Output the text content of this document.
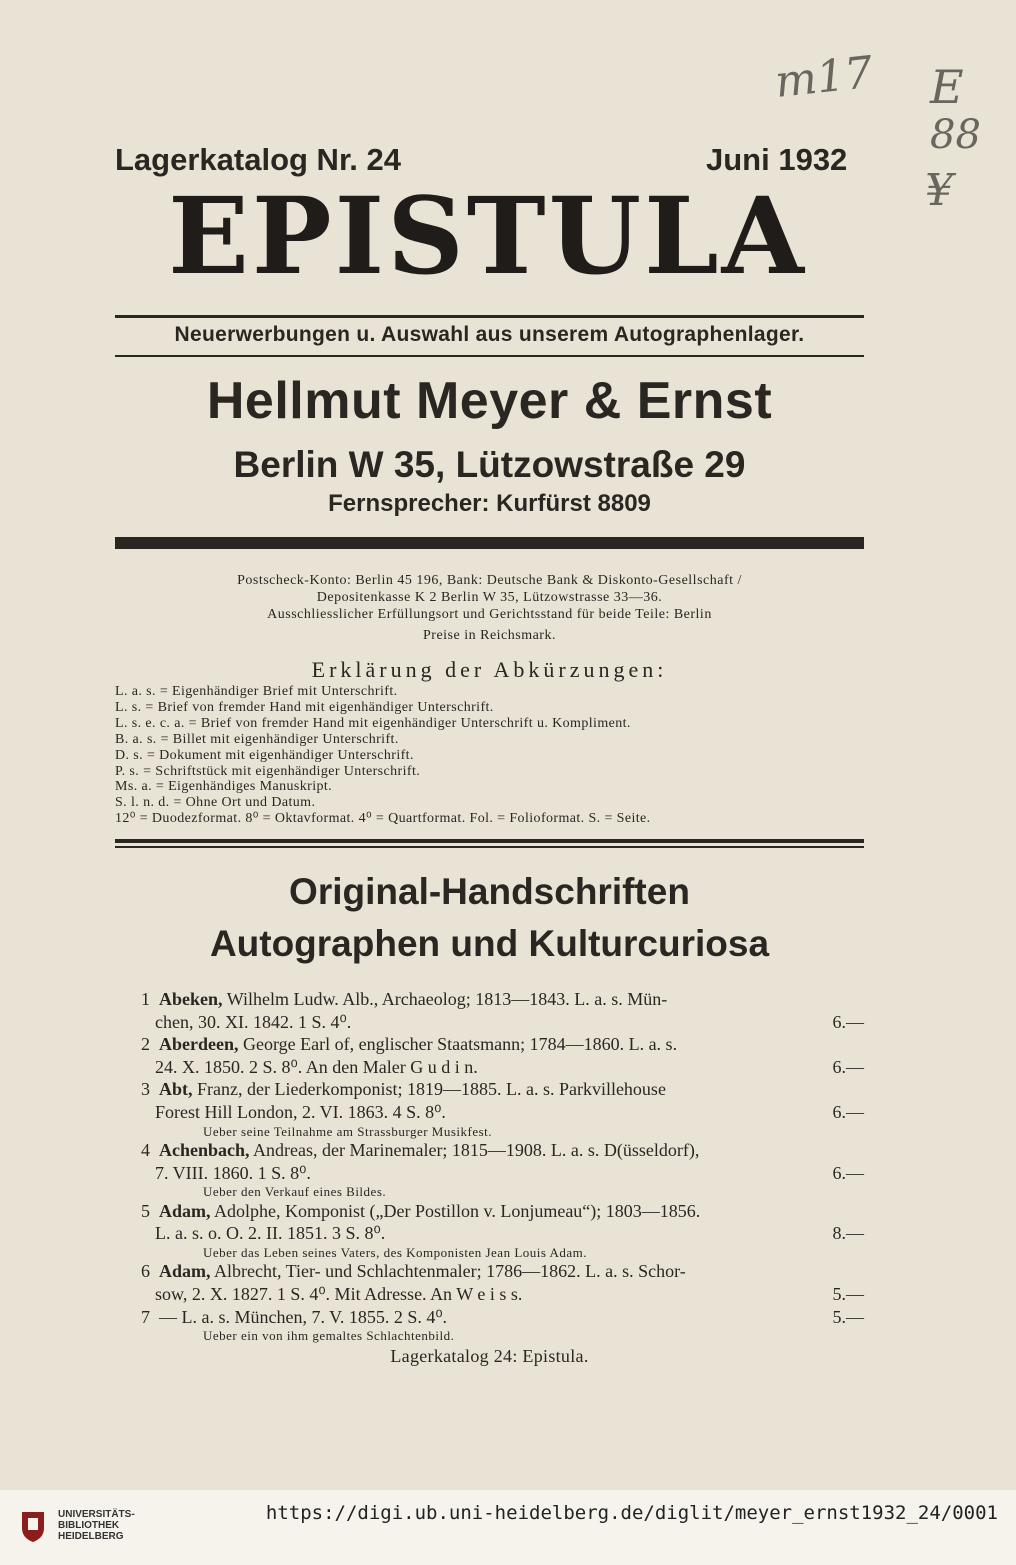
m17 E
88
¥
Lagerkatalog Nr. 24	Juni 1932
EPISTULA
Neuerwerbungen u. Auswahl aus unserem Autographenlager.
Hellmut Meyer & Ernst
Berlin W 35, Lützowstraße 29
Fernsprecher: Kurfürst 8809
Postscheck-Konto: Berlin 45 196, Bank: Deutsche Bank & Diskonto-Gesellschaft /
Depositenkasse K 2 Berlin W 35, Lützowstrasse 33—36.
Ausschliesslicher Erfüllungsort und Gerichtsstand für beide Teile: Berlin
Preise in Reichsmark.
Erklärung der Abkürzungen:
L. a. s. = Eigenhändiger Brief mit Unterschrift.
L. s. = Brief von fremder Hand mit eigenhändiger Unterschrift.
L. s. e. c. a. = Brief von fremder Hand mit eigenhändiger Unterschrift u. Kompliment.
B. a. s. = Billet mit eigenhändiger Unterschrift.
D. s. = Dokument mit eigenhändiger Unterschrift.
P. s. = Schriftstück mit eigenhändiger Unterschrift.
Ms. a. = Eigenhändiges Manuskript.
S. l. n. d. = Ohne Ort und Datum.
12⁰ = Duodezformat. 8⁰ = Oktavformat. 4⁰ = Quartformat. Fol. = Folioformat. S. = Seite.
Original-Handschriften
Autographen und Kulturcuriosa
1 Abeken, Wilhelm Ludw. Alb., Archaeolog; 1813—1843. L. a. s. Mün-
chen, 30. XI. 1842. 1 S. 4⁰.	6.—
2 Aberdeen, George Earl of, englischer Staatsmann; 1784—1860. L. a. s.
24. X. 1850. 2 S. 8⁰. An den Maler G u d i n.	6.—
3 Abt, Franz, der Liederkomponist; 1819—1885. L. a. s. Parkvillehouse
Forest Hill London, 2. VI. 1863. 4 S. 8⁰.	6.—
Ueber seine Teilnahme am Strassburger Musikfest.
4 Achenbach, Andreas, der Marinemaler; 1815—1908. L. a. s. D(üsseldorf),
7. VIII. 1860. 1 S. 8⁰.	6.—
Ueber den Verkauf eines Bildes.
5 Adam, Adolphe, Komponist („Der Postillon v. Lonjumeau“); 1803—1856.
L. a. s. o. O. 2. II. 1851. 3 S. 8⁰.	8.—
Ueber das Leben seines Vaters, des Komponisten Jean Louis Adam.
6 Adam, Albrecht, Tier- und Schlachtenmaler; 1786—1862. L. a. s. Schor-
sow, 2. X. 1827. 1 S. 4⁰. Mit Adresse. An W e i s s.	5.—
7 — L. a. s. München, 7. V. 1855. 2 S. 4⁰.	5.—
Ueber ein von ihm gemaltes Schlachtenbild.
Lagerkatalog 24: Epistula.
UNIVERSITÄTS-
BIBLIOTHEK
HEIDELBERG
https://digi.ub.uni-heidelberg.de/diglit/meyer_ernst1932_24/0001
